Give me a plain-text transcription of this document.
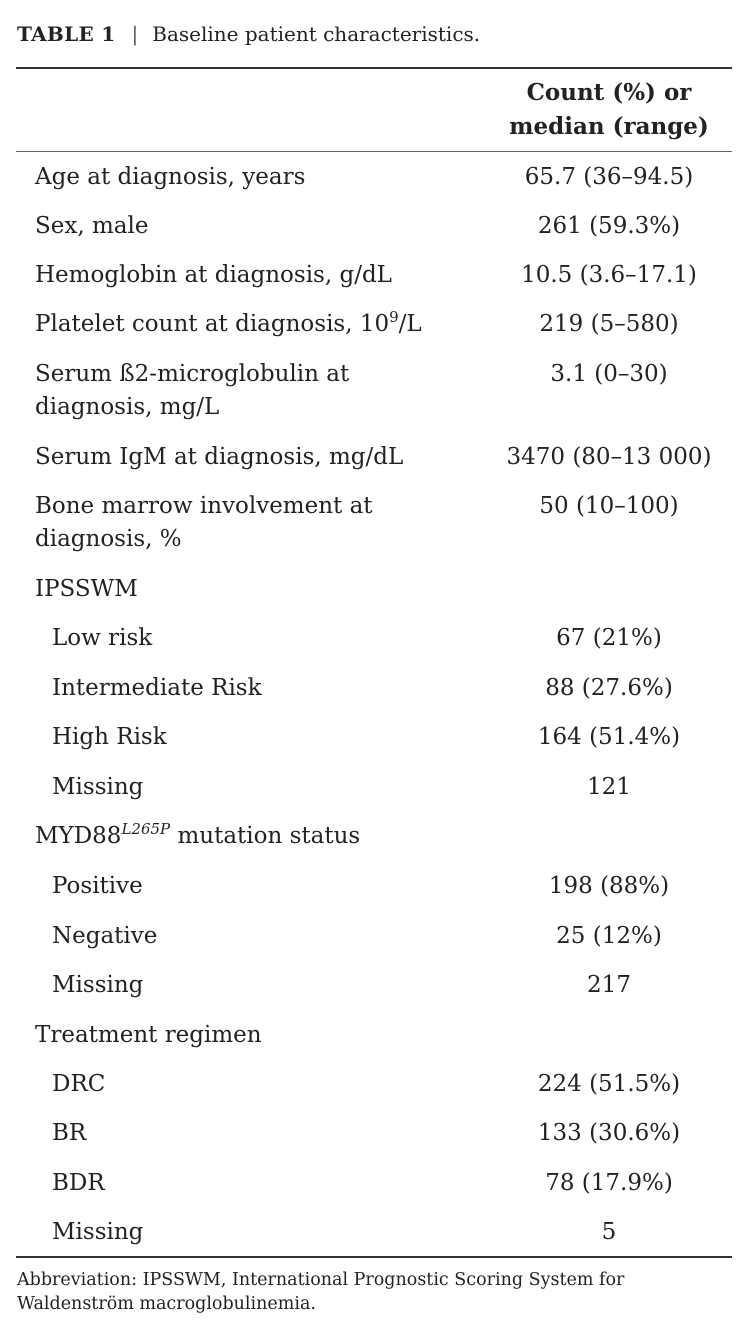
TABLE 1 | Baseline patient characteristics.
Count (%) or
median (range)
Age at diagnosis, years	65.7 (36–94.5)
Sex, male	261 (59.3%)
Hemoglobin at diagnosis, g/dL	10.5 (3.6–17.1)
Platelet count at diagnosis, $10^9/L$	219 (5–580)
Serum ß2-microglobulin at
diagnosis, mg/L
3.1 (0–30)
Serum IgM at diagnosis, mg/dL	3470 (80–13 000)
Bone marrow involvement at
diagnosis, %
50 (10–100)
IPSSWM
Low risk	67 (21%)
Intermediate Risk	88 (27.6%)
High Risk	164 (51.4%)
Missing	121
$MYD88^{L265P}$ mutation status
Positive	198 (88%)
Negative	25 (12%)
Missing	217
Treatment regimen
DRC	224 (51.5%)
BR	133 (30.6%)
BDR	78 (17.9%)
Missing	5
Abbreviation: IPSSWM, International Prognostic Scoring System for
Waldenström macroglobulinemia.
